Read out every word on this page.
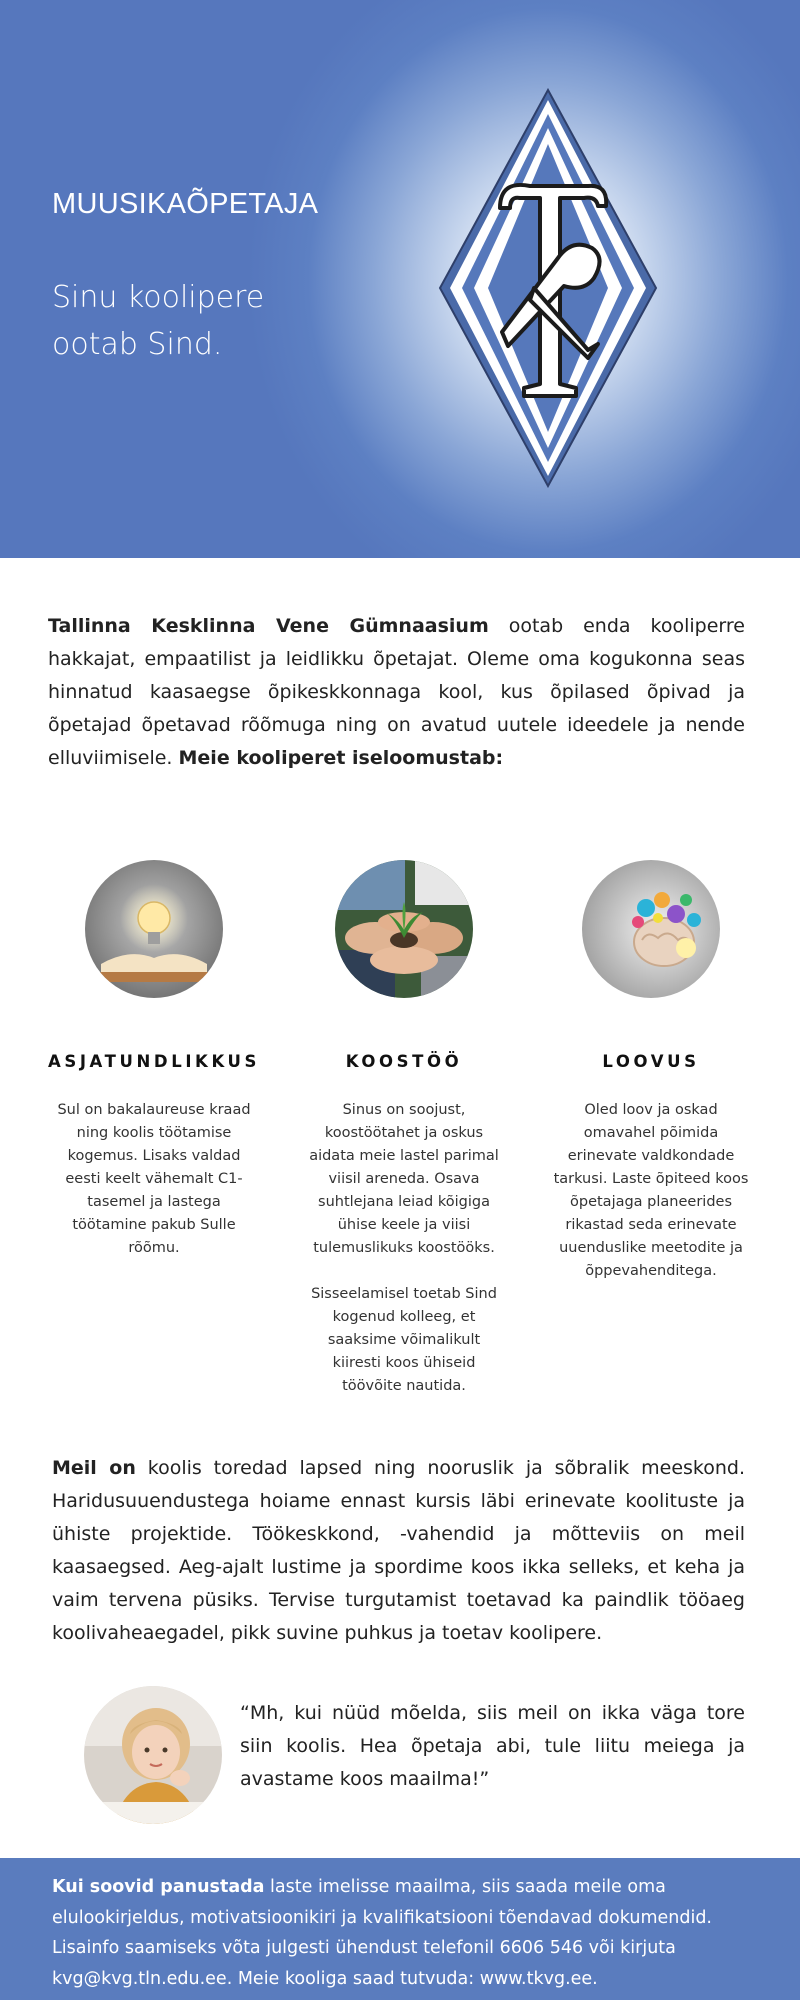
MUUSIKAÕPETAJA
Sinu koolipere
ootab Sind.

Tallinna Kesklinna Vene Gümnaasium ootab enda kooliperre hakkajat, empaatilist ja leidlikku õpetajat. Oleme oma kogukonna seas hinnatud kaasaegse õpikeskkonnaga kool, kus õpilased õpivad ja õpetajad õpetavad rõõmuga ning on avatud uutele ideedele ja nende elluviimisele. Meie kooliperet iseloomustab:

ASJATUNDLIKKUS

Sul on bakalaureuse kraad ning koolis töötamise kogemus. Lisaks valdad eesti keelt vähemalt C1-tasemel ja lastega töötamine pakub Sulle rõõmu.

KOOSTÖÖ

Sinus on soojust, koostöötahet ja oskus aidata meie lastel parimal viisil areneda. Osava suhtlejana leiad kõigiga ühise keele ja viisi tulemuslikuks koostööks.

Sisseelamisel toetab Sind kogenud kolleeg, et saaksime võimalikult kiiresti koos ühiseid töövõite nautida.

LOOVUS

Oled loov ja oskad omavahel põimida erinevate valdkondade tarkusi. Laste õpiteed koos õpetajaga planeerides rikastad seda erinevate uuenduslike meetodite ja õppevahenditega.

Meil on koolis toredad lapsed ning nooruslik ja sõbralik meeskond. Haridusuuendustega hoiame ennast kursis läbi erinevate koolituste ja ühiste projektide. Töökeskkond, -vahendid ja mõtteviis on meil kaasaegsed. Aeg-ajalt lustime ja spordime koos ikka selleks, et keha ja vaim tervena püsiks. Tervise turgutamist toetavad ka paindlik tööaeg koolivaheaegadel, pikk suvine puhkus ja toetav koolipere.

“Mh, kui nüüd mõelda, siis meil on ikka väga tore siin koolis. Hea õpetaja abi, tule liitu meiega ja avastame koos maailma!”

Kui soovid panustada laste imelisse maailma, siis saada meile oma elulookirjeldus, motivatsioonikiri ja kvalifikatsiooni tõendavad dokumendid. Lisainfo saamiseks võta julgesti ühendust telefonil 6606 546 või kirjuta kvg@kvg.tln.edu.ee. Meie kooliga saad tutvuda: www.tkvg.ee.
